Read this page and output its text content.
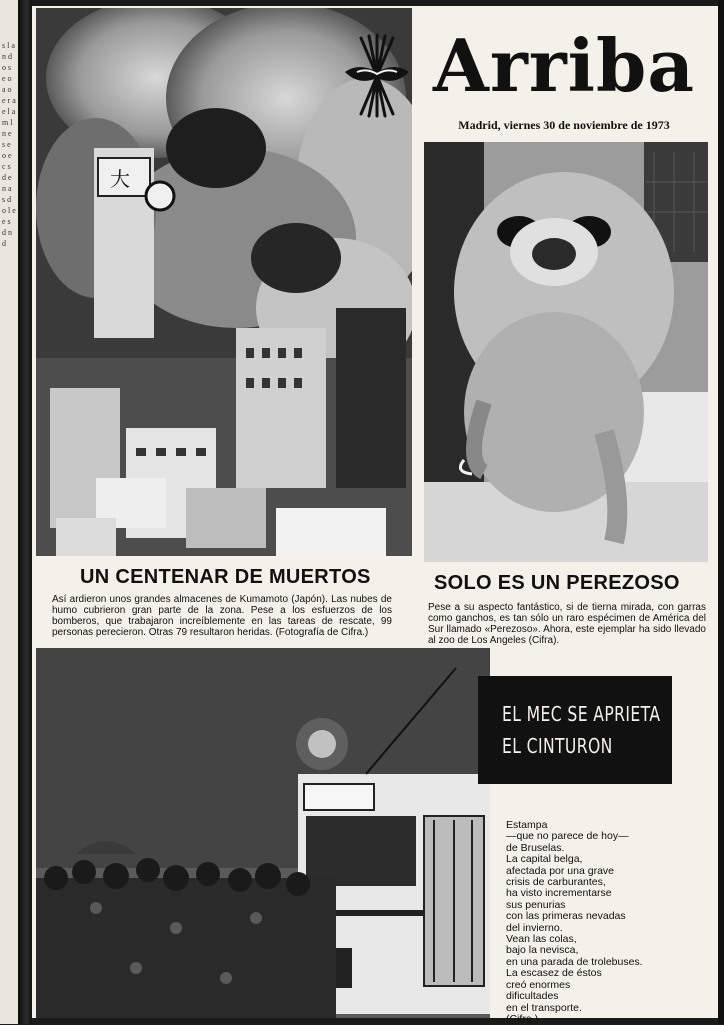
s l a n d o s e o a o e r a e l a m l n e s e o e c s d e n a s d o l e e s d n d
大
Arriba
Madrid, viernes 30 de noviembre de 1973
UN CENTENAR DE MUERTOS
Así ardieron unos grandes almacenes de Kumamoto (Japón). Las nubes de humo cubrieron gran parte de la zona. Pese a los esfuerzos de los bomberos, que trabajaron increíblemente en las tareas de rescate, 99 personas perecieron. Otras 79 resultaron heridas. (Fotografía de Cifra.)
SOLO ES UN PEREZOSO
Pese a su aspecto fantástico, si de tierna mirada, con garras como ganchos, es tan sólo un raro espécimen de América del Sur llamado «Perezoso». Ahora, este ejemplar ha sido llevado al zoo de Los Angeles (Cifra).
EL MEC SE APRIETA
EL CINTURON
Estampa
—que no parece de hoy—
de Bruselas.
La capital belga,
afectada por una grave
crisis de carburantes,
ha visto incrementarse
sus penurias
con las primeras nevadas
del invierno.
Vean las colas,
bajo la nevisca,
en una parada de trolebuses.
La escasez de éstos
creó enormes
dificultades
en el transporte.
(Cifra.)
